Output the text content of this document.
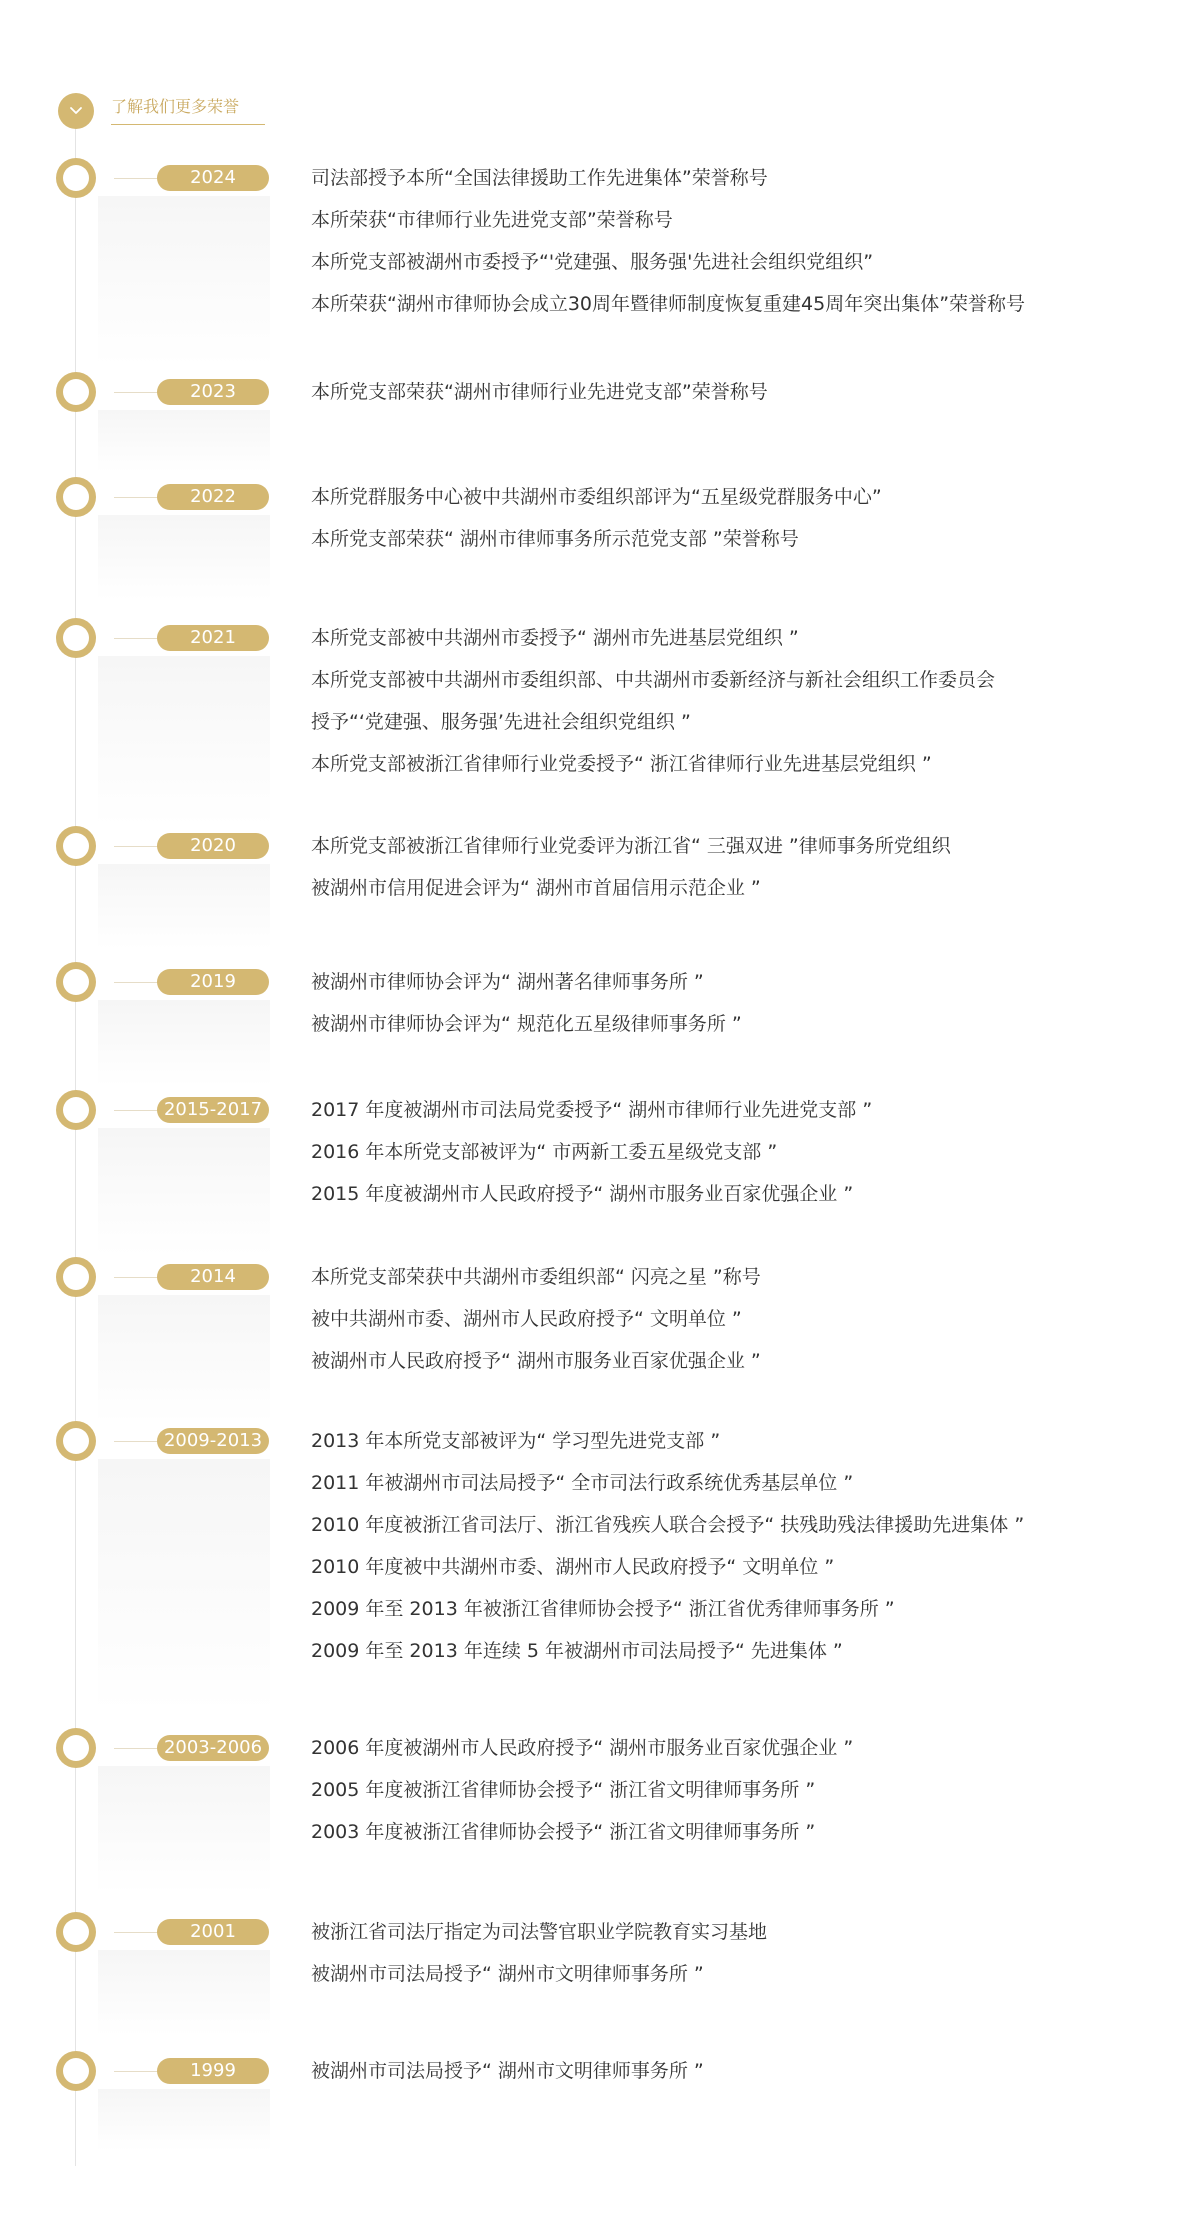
了解我们更多荣誉
2024	司法部授予本所“全国法律援助工作先进集体”荣誉称号
本所荣获“市律师行业先进党支部”荣誉称号
本所党支部被湖州市委授予“'党建强、服务强'先进社会组织党组织”
本所荣获“湖州市律师协会成立30周年暨律师制度恢复重建45周年突出集体”荣誉称号
2023	本所党支部荣获“湖州市律师行业先进党支部”荣誉称号
2022	本所党群服务中心被中共湖州市委组织部评为“五星级党群服务中心”
本所党支部荣获“ 湖州市律师事务所示范党支部 ”荣誉称号
2021	本所党支部被中共湖州市委授予“ 湖州市先进基层党组织 ”
本所党支部被中共湖州市委组织部、中共湖州市委新经济与新社会组织工作委员会
授予“‘党建强、服务强’先进社会组织党组织 ”
本所党支部被浙江省律师行业党委授予“ 浙江省律师行业先进基层党组织 ”
2020	本所党支部被浙江省律师行业党委评为浙江省“ 三强双进 ”律师事务所党组织
被湖州市信用促进会评为“ 湖州市首届信用示范企业 ”
2019	被湖州市律师协会评为“ 湖州著名律师事务所 ”
被湖州市律师协会评为“ 规范化五星级律师事务所 ”
2015-2017	2017 年度被湖州市司法局党委授予“ 湖州市律师行业先进党支部 ”
2016 年本所党支部被评为“ 市两新工委五星级党支部 ”
2015 年度被湖州市人民政府授予“ 湖州市服务业百家优强企业 ”
2014	本所党支部荣获中共湖州市委组织部“ 闪亮之星 ”称号
被中共湖州市委、湖州市人民政府授予“ 文明单位 ”
被湖州市人民政府授予“ 湖州市服务业百家优强企业 ”
2009-2013	2013 年本所党支部被评为“ 学习型先进党支部 ”
2011 年被湖州市司法局授予“ 全市司法行政系统优秀基层单位 ”
2010 年度被浙江省司法厅、浙江省残疾人联合会授予“ 扶残助残法律援助先进集体 ”
2010 年度被中共湖州市委、湖州市人民政府授予“ 文明单位 ”
2009 年至 2013 年被浙江省律师协会授予“ 浙江省优秀律师事务所 ”
2009 年至 2013 年连续 5 年被湖州市司法局授予“ 先进集体 ”
2003-2006	2006 年度被湖州市人民政府授予“ 湖州市服务业百家优强企业 ”
2005 年度被浙江省律师协会授予“ 浙江省文明律师事务所 ”
2003 年度被浙江省律师协会授予“ 浙江省文明律师事务所 ”
2001	被浙江省司法厅指定为司法警官职业学院教育实习基地
被湖州市司法局授予“ 湖州市文明律师事务所 ”
1999	被湖州市司法局授予“ 湖州市文明律师事务所 ”
